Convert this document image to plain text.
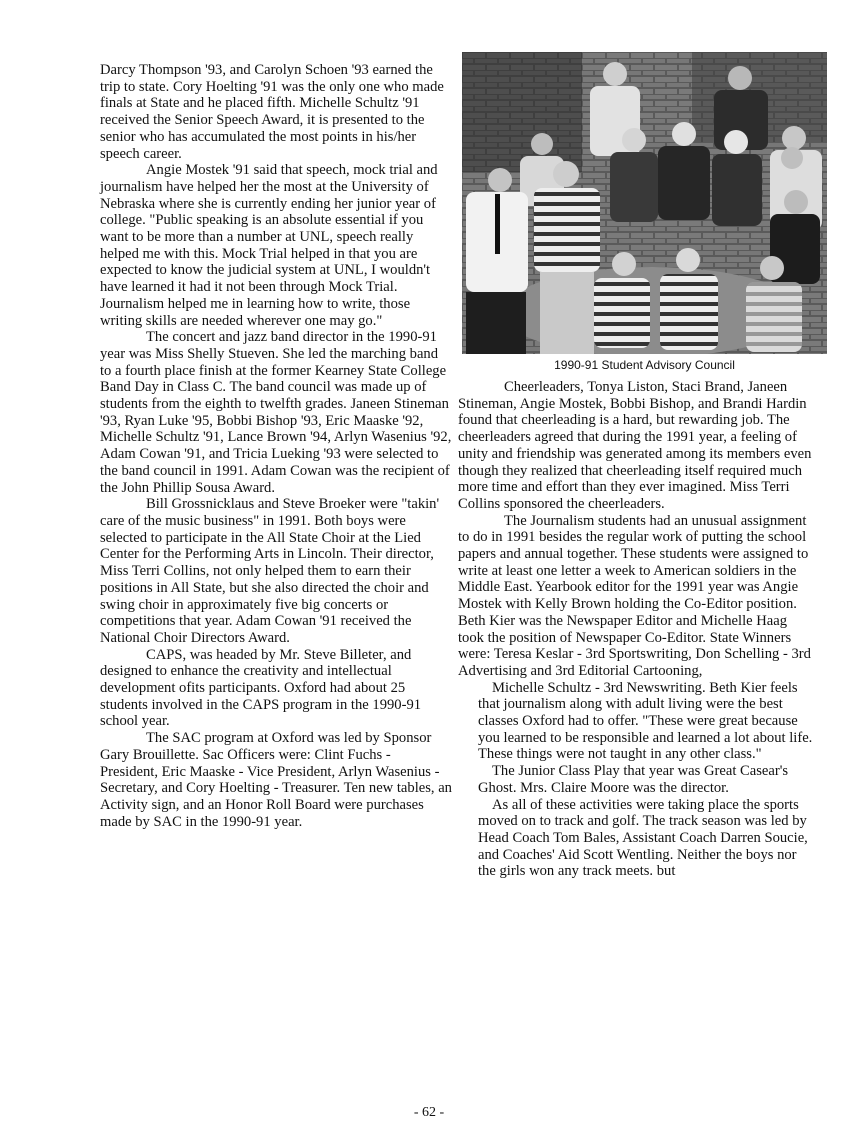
Darcy Thompson '93, and Carolyn Schoen '93 earned the trip to state. Cory Hoelting '91 was the only one who made finals at State and he placed fifth. Michelle Schultz '91 received the Senior Speech Award, it is presented to the senior who has accumulated the most points in his/her speech career.

Angie Mostek '91 said that speech, mock trial and journalism have helped her the most at the University of Nebraska where she is currently ending her junior year of college. "Public speaking is an absolute essential if you want to be more than a number at UNL, speech really helped me with this. Mock Trial helped in that you are expected to know the judicial system at UNL, I wouldn't have learned it had it not been through Mock Trial. Journalism helped me in learning how to write, those writing skills are needed wherever one may go."

The concert and jazz band director in the 1990-91 year was Miss Shelly Stueven. She led the marching band to a fourth place finish at the former Kearney State College Band Day in Class C. The band council was made up of students from the eighth to twelfth grades. Janeen Stineman '93, Ryan Luke '95, Bobbi Bishop '93, Eric Maaske '92, Michelle Schultz '91, Lance Brown '94, Arlyn Wasenius '92, Adam Cowan '91, and Tricia Lueking '93 were selected to the band council in 1991. Adam Cowan was the recipient of the John Phillip Sousa Award.

Bill Grossnicklaus and Steve Broeker were "takin' care of the music business" in 1991. Both boys were selected to participate in the All State Choir at the Lied Center for the Performing Arts in Lincoln. Their director, Miss Terri Collins, not only helped them to earn their positions in All State, but she also directed the choir and swing choir in approximately five big concerts or competitions that year. Adam Cowan '91 received the National Choir Directors Award.

CAPS, was headed by Mr. Steve Billeter, and designed to enhance the creativity and intellectual development ofits participants. Oxford had about 25 students involved in the CAPS program in the 1990-91 school year.

The SAC program at Oxford was led by Sponsor Gary Brouillette. Sac Officers were: Clint Fuchs - President, Eric Maaske - Vice President, Arlyn Wasenius - Secretary, and Cory Hoelting - Treasurer. Ten new tables, an Activity sign, and an Honor Roll Board were purchases made by SAC in the 1990-91 year.

1990-91 Student Advisory Council

Cheerleaders, Tonya Liston, Staci Brand, Janeen Stineman, Angie Mostek, Bobbi Bishop, and Brandi Hardin found that cheerleading is a hard, but rewarding job. The cheerleaders agreed that during the 1991 year, a feeling of unity and friendship was generated among its members even though they realized that cheerleading itself required much more time and effort than they ever imagined. Miss Terri Collins sponsored the cheerleaders.

The Journalism students had an unusual assignment to do in 1991 besides the regular work of putting the school papers and annual together. These students were assigned to write at least one letter a week to American soldiers in the Middle East. Yearbook editor for the 1991 year was Angie Mostek with Kelly Brown holding the Co-Editor position. Beth Kier was the Newspaper Editor and Michelle Haag took the position of Newspaper Co-Editor. State Winners were: Teresa Keslar - 3rd Sportswriting, Don Schelling - 3rd Advertising and 3rd Editorial Cartooning,

Michelle Schultz - 3rd Newswriting. Beth Kier feels that journalism along with adult living were the best classes Oxford had to offer. "These were great because you learned to be responsible and learned a lot about life. These things were not taught in any other class."

The Junior Class Play that year was Great Casear's Ghost. Mrs. Claire Moore was the director.

As all of these activities were taking place the sports moved on to track and golf. The track season was led by Head Coach Tom Bales, Assistant Coach Darren Soucie, and Coaches' Aid Scott Wentling. Neither the boys nor the girls won any track meets. but

- 62 -
